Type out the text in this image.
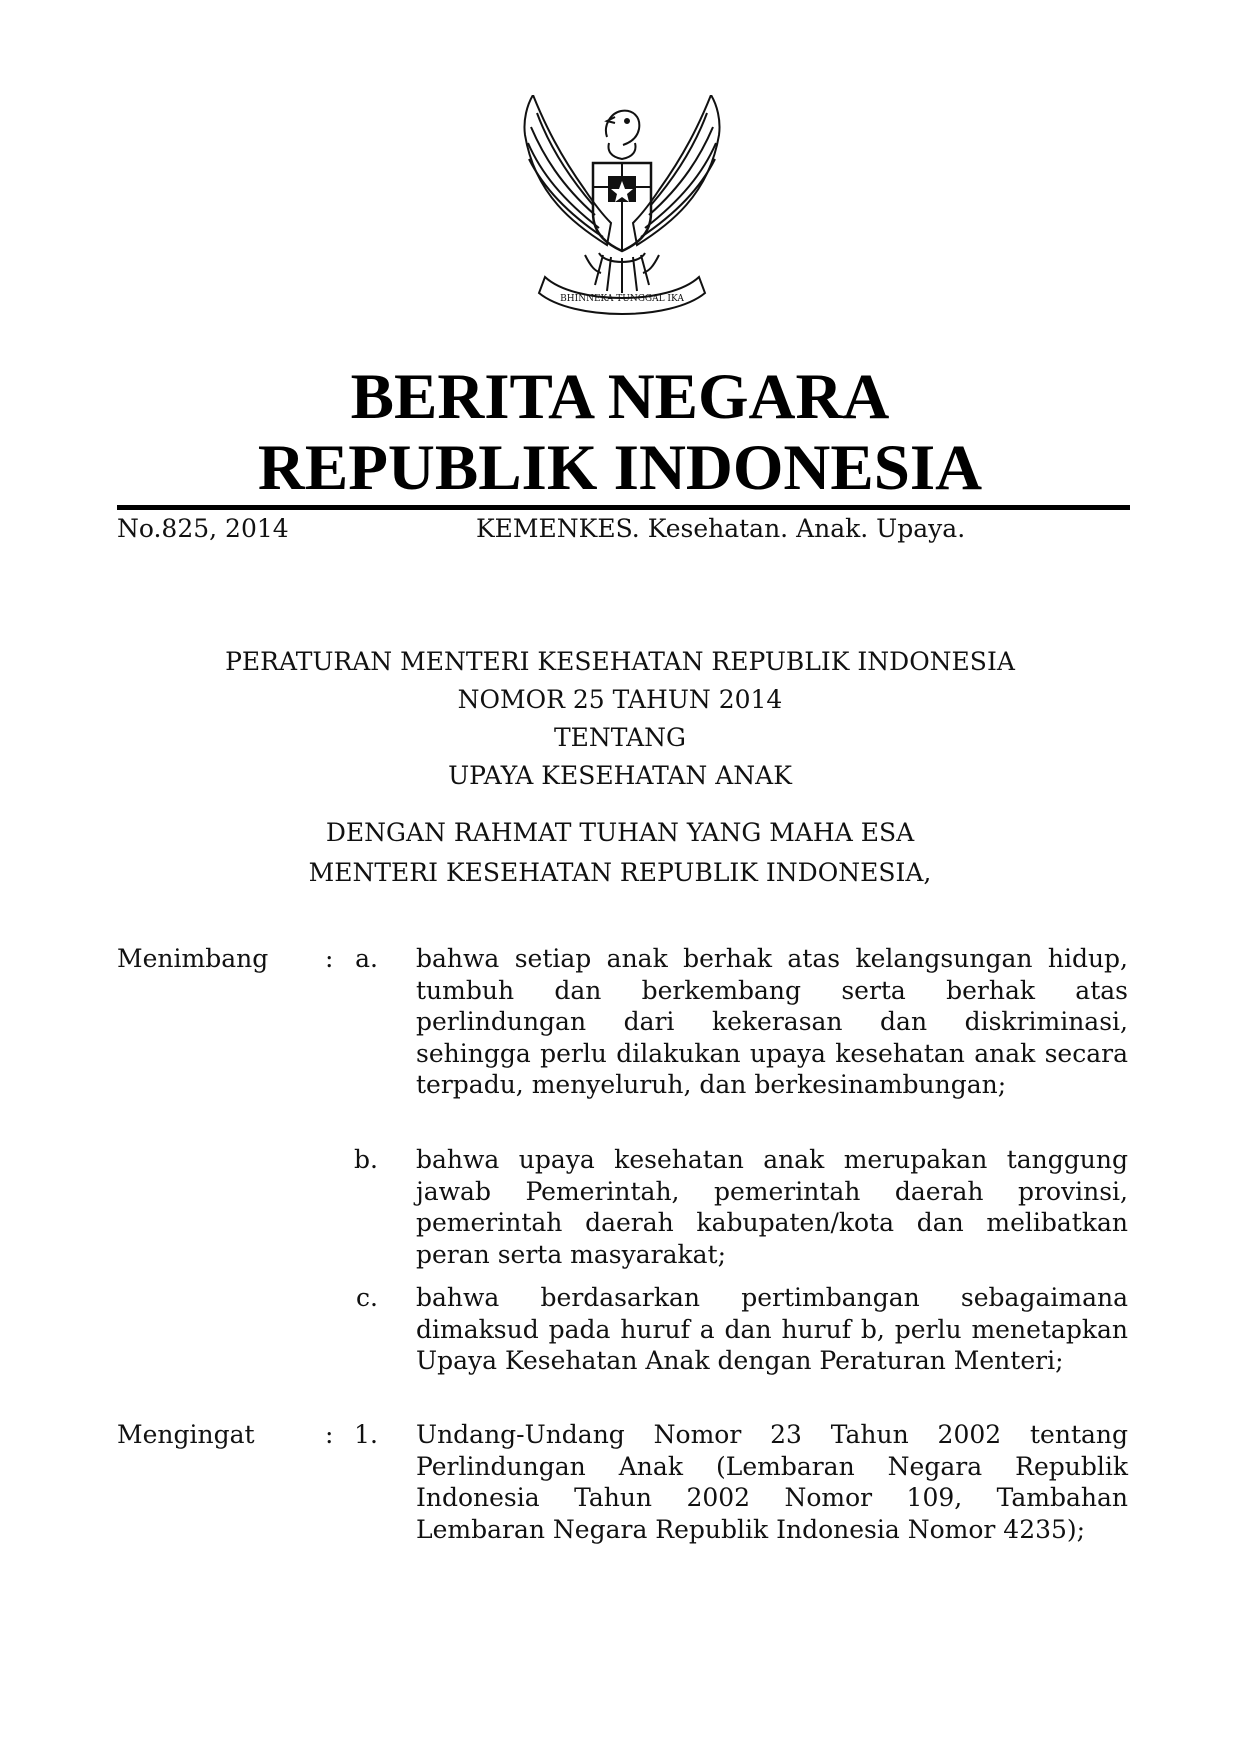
BHINNEKA TUNGGAL IKA
BERITA NEGARA
REPUBLIK INDONESIA
No.825, 2014	KEMENKES. Kesehatan. Anak. Upaya.
PERATURAN MENTERI KESEHATAN REPUBLIK INDONESIA
NOMOR 25 TAHUN 2014
TENTANG
UPAYA KESEHATAN ANAK
DENGAN RAHMAT TUHAN YANG MAHA ESA
MENTERI KESEHATAN REPUBLIK INDONESIA,
Menimbang : a. bahwa setiap anak berhak atas kelangsungan hidup, tumbuh dan berkembang serta berhak atas perlindungan dari kekerasan dan diskriminasi, sehingga perlu dilakukan upaya kesehatan anak secara terpadu, menyeluruh, dan berkesinambungan;
b. bahwa upaya kesehatan anak merupakan tanggung jawab Pemerintah, pemerintah daerah provinsi, pemerintah daerah kabupaten/kota dan melibatkan peran serta masyarakat;
c. bahwa berdasarkan pertimbangan sebagaimana dimaksud pada huruf a dan huruf b, perlu menetapkan Upaya Kesehatan Anak dengan Peraturan Menteri;
Mengingat	: 1. Undang-Undang Nomor 23 Tahun 2002 tentang Perlindungan Anak (Lembaran Negara Republik Indonesia Tahun 2002 Nomor 109, Tambahan Lembaran Negara Republik Indonesia Nomor 4235);
